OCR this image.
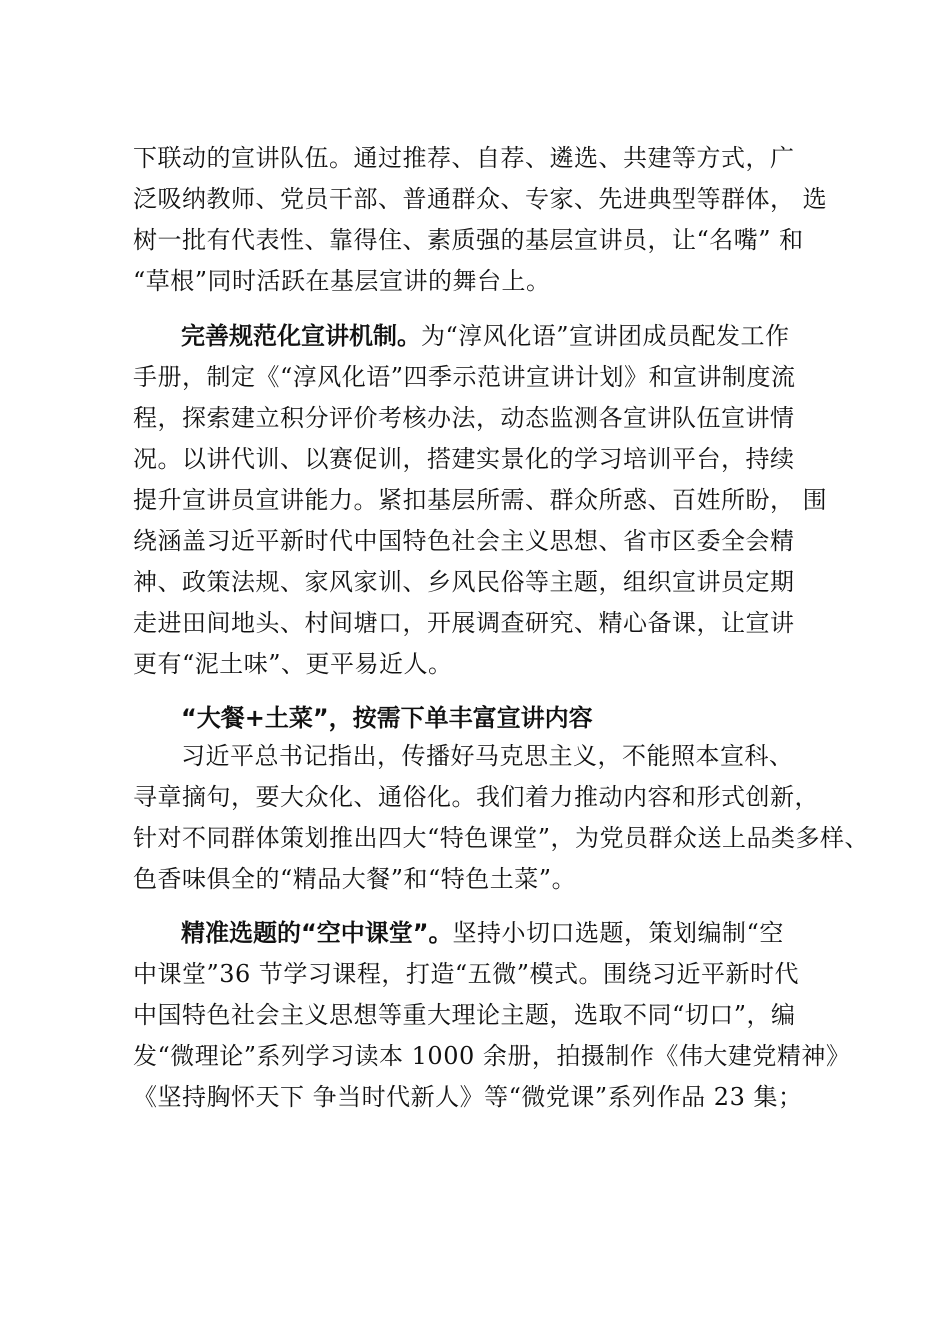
下联动的宣讲队伍。通过推荐、自荐、遴选、共建等方式，广
泛吸纳教师、党员干部、普通群众、专家、先进典型等群体， 选
树一批有代表性、靠得住、素质强的基层宣讲员，让“名嘴” 和
“草根”同时活跃在基层宣讲的舞台上。
完善规范化宣讲机制。为“淳风化语”宣讲团成员配发工作
手册，制定《“淳风化语”四季示范讲宣讲计划》和宣讲制度流
程，探索建立积分评价考核办法，动态监测各宣讲队伍宣讲情
况。以讲代训、以赛促训，搭建实景化的学习培训平台，持续
提升宣讲员宣讲能力。紧扣基层所需、群众所惑、百姓所盼， 围
绕涵盖习近平新时代中国特色社会主义思想、省市区委全会精
神、政策法规、家风家训、乡风民俗等主题，组织宣讲员定期
走进田间地头、村间塘口，开展调查研究、精心备课，让宣讲
更有“泥土味”、更平易近人。
“大餐+土菜”，按需下单丰富宣讲内容
习近平总书记指出，传播好马克思主义，不能照本宣科、
寻章摘句，要大众化、通俗化。我们着力推动内容和形式创新，
针对不同群体策划推出四大“特色课堂”，为党员群众送上品类多样、
色香味俱全的“精品大餐”和“特色土菜”。
精准选题的“空中课堂”。坚持小切口选题，策划编制“空
中课堂”36 节学习课程，打造“五微”模式。围绕习近平新时代
中国特色社会主义思想等重大理论主题，选取不同“切口”，编
发“微理论”系列学习读本 1000 余册，拍摄制作《伟大建党精神》
《坚持胸怀天下 争当时代新人》等“微党课”系列作品 23 集；
